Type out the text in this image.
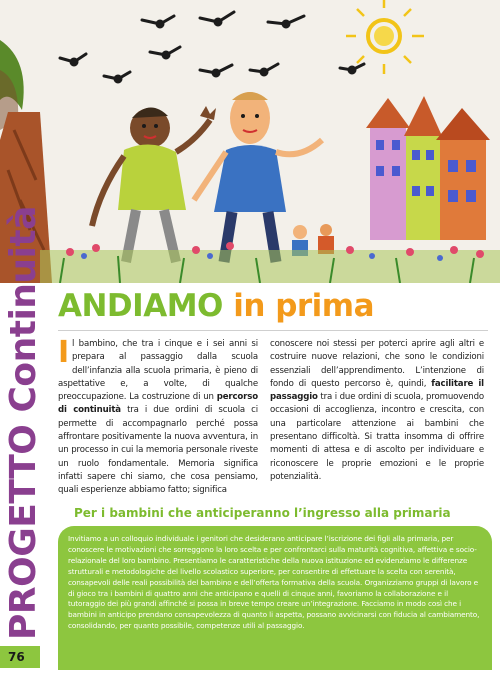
PROGETTO Continuità
76
ANDIAMO in prima
Il bambino, che tra i cinque e i sei anni si prepara al passaggio dalla scuola dell’infanzia alla scuola primaria, è pieno di aspettative e, a volte, di qualche preoccupazione. La costruzione di un percorso di continuità tra i due ordini di scuola ci permette di accompagnarlo perché possa affrontare positivamente la nuova avventura, in un processo in cui la memoria personale riveste un ruolo fondamentale. Memoria significa infatti sapere chi siamo, che cosa pensiamo, quali esperienze abbiamo fatto; significa
conoscere noi stessi per poterci aprire agli altri e costruire nuove relazioni, che sono le condizioni essenziali dell’apprendimento. L’intenzione di fondo di questo percorso è, quindi, facilitare il passaggio tra i due ordini di scuola, promuovendo occasioni di accoglienza, incontro e crescita, con una particolare attenzione ai bambini che presentano difficoltà. Si tratta insomma di offrire momenti di attesa e di ascolto per individuare e riconoscere le proprie emozioni e le proprie potenzialità.
Per i bambini che anticiperanno l’ingresso alla primaria
Invitiamo a un colloquio individuale i genitori che desiderano anticipare l’iscrizione dei figli alla primaria, per conoscere le motivazioni che sorreggono la loro scelta e per confrontarci sulla maturità cognitiva, affettiva e socio-relazionale del loro bambino. Presentiamo le caratteristiche della nuova istituzione ed evidenziamo le differenze strutturali e metodologiche del livello scolastico superiore, per consentire di effettuare la scelta con serenità, consapevoli delle reali possibilità del bambino e dell’offerta formativa della scuola. Organizziamo gruppi di lavoro e di gioco tra i bambini di quattro anni che anticipano e quelli di cinque anni, favoriamo la collaborazione e il tutoraggio dei più grandi affinché si possa in breve tempo creare un’integrazione. Facciamo in modo così che i bambini in anticipo prendano consapevolezza di quanto li aspetta, possano avvicinarsi con fiducia al cambiamento, consolidando, per quanto possibile, competenze utili al passaggio.
